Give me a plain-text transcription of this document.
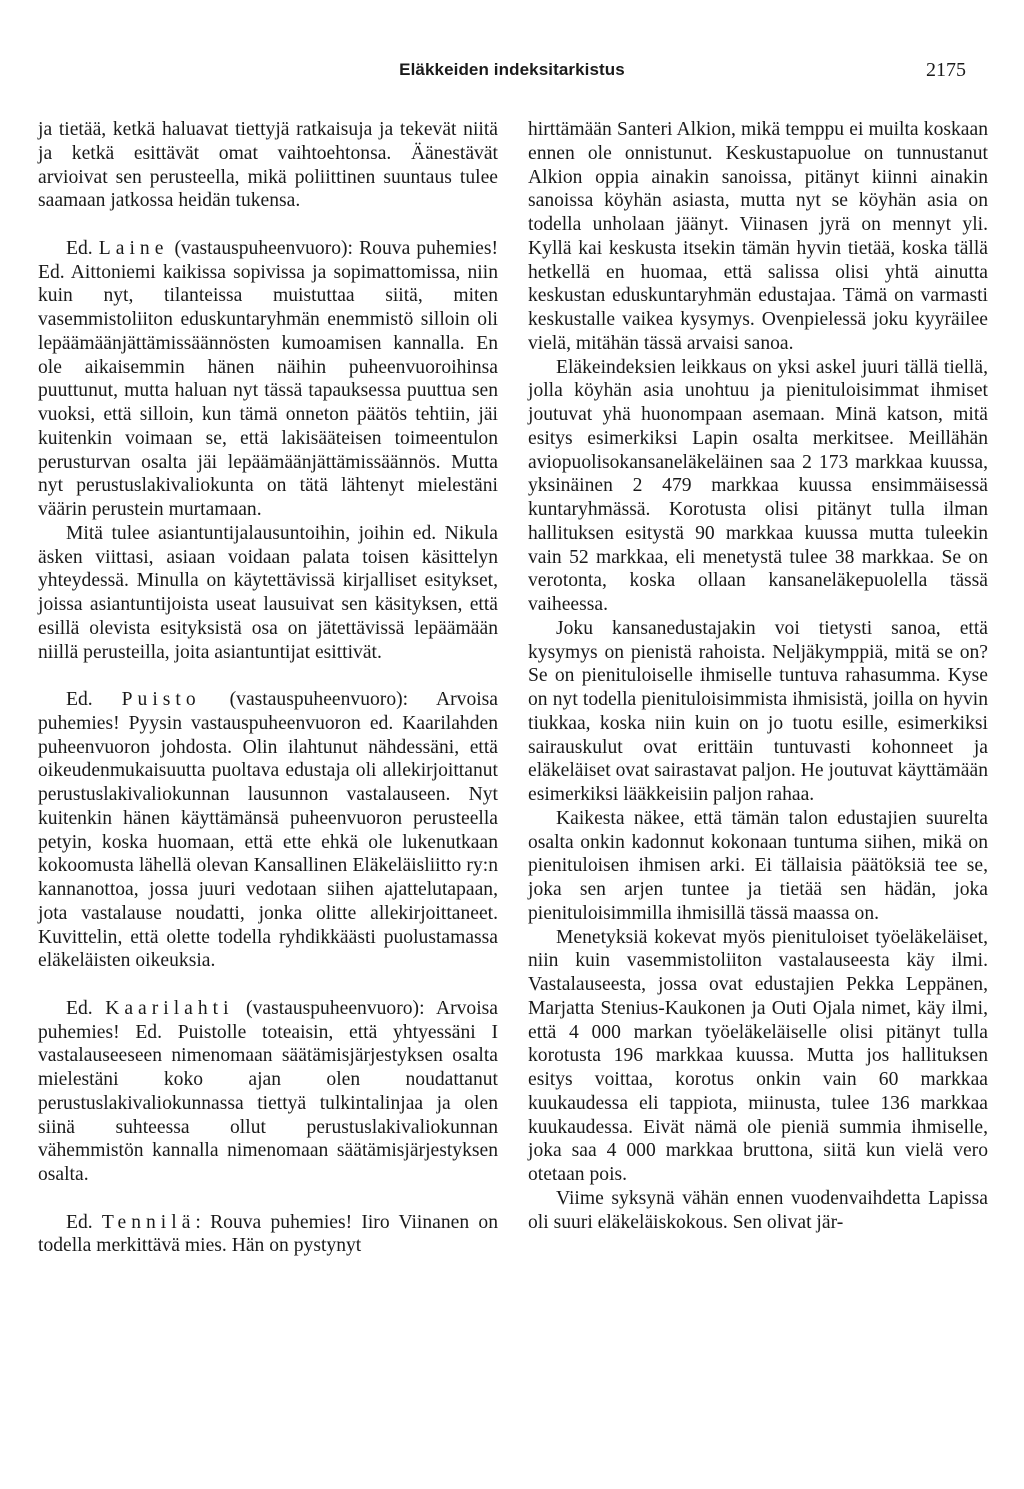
Eläkkeiden indeksitarkistus	2175

ja tietää, ketkä haluavat tiettyjä ratkaisuja ja tekevät niitä ja ketkä esittävät omat vaihtoehtonsa. Äänestävät arvioivat sen perusteella, mikä poliittinen suuntaus tulee saamaan jatkossa heidän tukensa.

Ed. Laine (vastauspuheenvuoro): Rouva puhemies! Ed. Aittoniemi kaikissa sopivissa ja sopimattomissa, niin kuin nyt, tilanteissa muistuttaa siitä, miten vasemmistoliiton eduskuntaryhmän enemmistö silloin oli lepäämäänjättämissäännösten kumoamisen kannalla. En ole aikaisemmin hänen näihin puheenvuoroihinsa puuttunut, mutta haluan nyt tässä tapauksessa puuttua sen vuoksi, että silloin, kun tämä onneton päätös tehtiin, jäi kuitenkin voimaan se, että lakisääteisen toimeentulon perusturvan osalta jäi lepäämäänjättämissäännös. Mutta nyt perustuslakivaliokunta on tätä lähtenyt mielestäni väärin perustein murtamaan.

Mitä tulee asiantuntijalausuntoihin, joihin ed. Nikula äsken viittasi, asiaan voidaan palata toisen käsittelyn yhteydessä. Minulla on käytettävissä kirjalliset esitykset, joissa asiantuntijoista useat lausuivat sen käsityksen, että esillä olevista esityksistä osa on jätettävissä lepäämään niillä perusteilla, joita asiantuntijat esittivät.

Ed. Puisto (vastauspuheenvuoro): Arvoisa puhemies! Pyysin vastauspuheenvuoron ed. Kaarilahden puheenvuoron johdosta. Olin ilahtunut nähdessäni, että oikeudenmukaisuutta puoltava edustaja oli allekirjoittanut perustuslakivaliokunnan lausunnon vastalauseen. Nyt kuitenkin hänen käyttämänsä puheenvuoron perusteella petyin, koska huomaan, että ette ehkä ole lukenutkaan kokoomusta lähellä olevan Kansallinen Eläkeläisliitto ry:n kannanottoa, jossa juuri vedotaan siihen ajattelutapaan, jota vastalause noudatti, jonka olitte allekirjoittaneet. Kuvittelin, että olette todella ryhdikkäästi puolustamassa eläkeläisten oikeuksia.

Ed. Kaarilahti (vastauspuheenvuoro): Arvoisa puhemies! Ed. Puistolle toteaisin, että yhtyessäni I vastalauseeseen nimenomaan säätämisjärjestyksen osalta mielestäni koko ajan olen noudattanut perustuslakivaliokunnassa tiettyä tulkintalinjaa ja olen siinä suhteessa ollut perustuslakivaliokunnan vähemmistön kannalla nimenomaan säätämisjärjestyksen osalta.

Ed. Tennilä: Rouva puhemies! Iiro Viinanen on todella merkittävä mies. Hän on pystynyt

hirttämään Santeri Alkion, mikä temppu ei muilta koskaan ennen ole onnistunut. Keskustapuolue on tunnustanut Alkion oppia ainakin sanoissa, pitänyt kiinni ainakin sanoissa köyhän asiasta, mutta nyt se köyhän asia on todella unholaan jäänyt. Viinasen jyrä on mennyt yli. Kyllä kai keskusta itsekin tämän hyvin tietää, koska tällä hetkellä en huomaa, että salissa olisi yhtä ainutta keskustan eduskuntaryhmän edustajaa. Tämä on varmasti keskustalle vaikea kysymys. Ovenpielessä joku kyyräilee vielä, mitähän tässä arvaisi sanoa.

Eläkeindeksien leikkaus on yksi askel juuri tällä tiellä, jolla köyhän asia unohtuu ja pienituloisimmat ihmiset joutuvat yhä huonompaan asemaan. Minä katson, mitä esitys esimerkiksi Lapin osalta merkitsee. Meillähän aviopuolisokansaneläkeläinen saa 2 173 markkaa kuussa, yksinäinen 2 479 markkaa kuussa ensimmäisessä kuntaryhmässä. Korotusta olisi pitänyt tulla ilman hallituksen esitystä 90 markkaa kuussa mutta tuleekin vain 52 markkaa, eli menetystä tulee 38 markkaa. Se on verotonta, koska ollaan kansaneläkepuolella tässä vaiheessa.

Joku kansanedustajakin voi tietysti sanoa, että kysymys on pienistä rahoista. Neljäkymppiä, mitä se on? Se on pienituloiselle ihmiselle tuntuva rahasumma. Kyse on nyt todella pienituloisimmista ihmisistä, joilla on hyvin tiukkaa, koska niin kuin on jo tuotu esille, esimerkiksi sairauskulut ovat erittäin tuntuvasti kohonneet ja eläkeläiset ovat sairastavat paljon. He joutuvat käyttämään esimerkiksi lääkkeisiin paljon rahaa.

Kaikesta näkee, että tämän talon edustajien suurelta osalta onkin kadonnut kokonaan tuntuma siihen, mikä on pienituloisen ihmisen arki. Ei tällaisia päätöksiä tee se, joka sen arjen tuntee ja tietää sen hädän, joka pienituloisimmilla ihmisillä tässä maassa on.

Menetyksiä kokevat myös pienituloiset työeläkeläiset, niin kuin vasemmistoliiton vastalauseesta käy ilmi. Vastalauseesta, jossa ovat edustajien Pekka Leppänen, Marjatta Stenius-Kaukonen ja Outi Ojala nimet, käy ilmi, että 4 000 markan työeläkeläiselle olisi pitänyt tulla korotusta 196 markkaa kuussa. Mutta jos hallituksen esitys voittaa, korotus onkin vain 60 markkaa kuukaudessa eli tappiota, miinusta, tulee 136 markkaa kuukaudessa. Eivät nämä ole pieniä summia ihmiselle, joka saa 4 000 markkaa bruttona, siitä kun vielä vero otetaan pois.

Viime syksynä vähän ennen vuodenvaihdetta Lapissa oli suuri eläkeläiskokous. Sen olivat jär-
